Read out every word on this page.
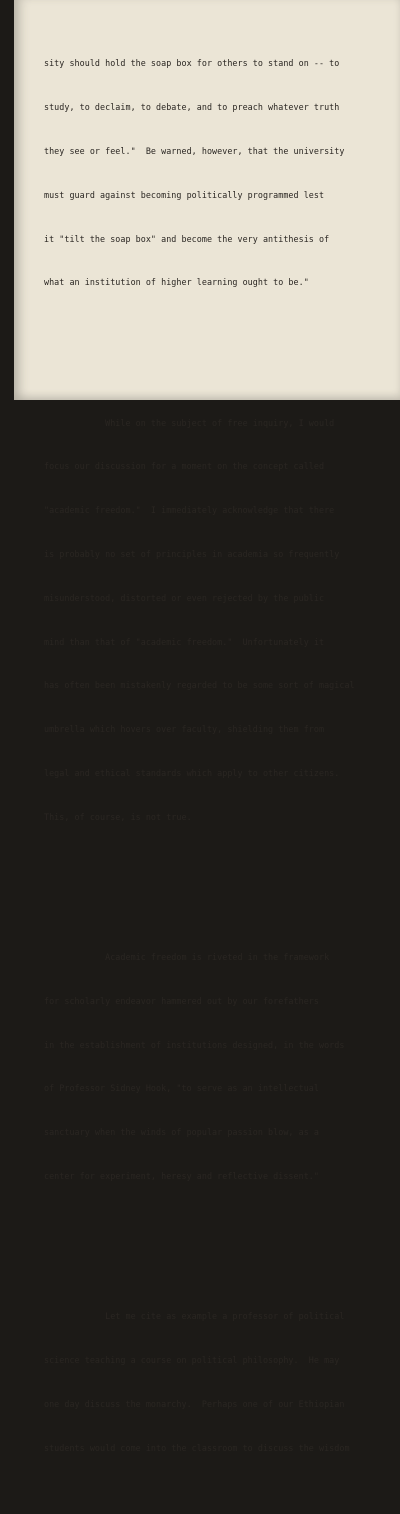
sity should hold the soap box for others to stand on -- to

study, to declaim, to debate, and to preach whatever truth

they see or feel."  Be warned, however, that the university

must guard against becoming politically programmed lest

it "tilt the soap box" and become the very antithesis of

what an institution of higher learning ought to be."

While on the subject of free inquiry, I would

focus our discussion for a moment on the concept called

"academic freedom."  I immediately acknowledge that there

is probably no set of principles in academia so frequently

misunderstood, distorted or even rejected by the public

mind than that of "academic freedom."  Unfortunately it

has often been mistakenly regarded to be some sort of magical

umbrella which hovers over faculty, shielding them from

legal and ethical standards which apply to other citizens.

This, of course, is not true.

Academic freedom is riveted in the framework

for scholarly endeavor hammered out by our forefathers

in the establishment of institutions designed, in the words

of Professor Sidney Hook, "to serve as an intellectual

sanctuary when the winds of popular passion blow, as a

center for experiment, heresy and reflective dissent."

Let me cite as example a professor of political

science teaching a course on political philosophy.  He may

one day discuss the monarchy.  Perhaps one of our Ethiopian

students would come into the classroom to discuss the wisdom
